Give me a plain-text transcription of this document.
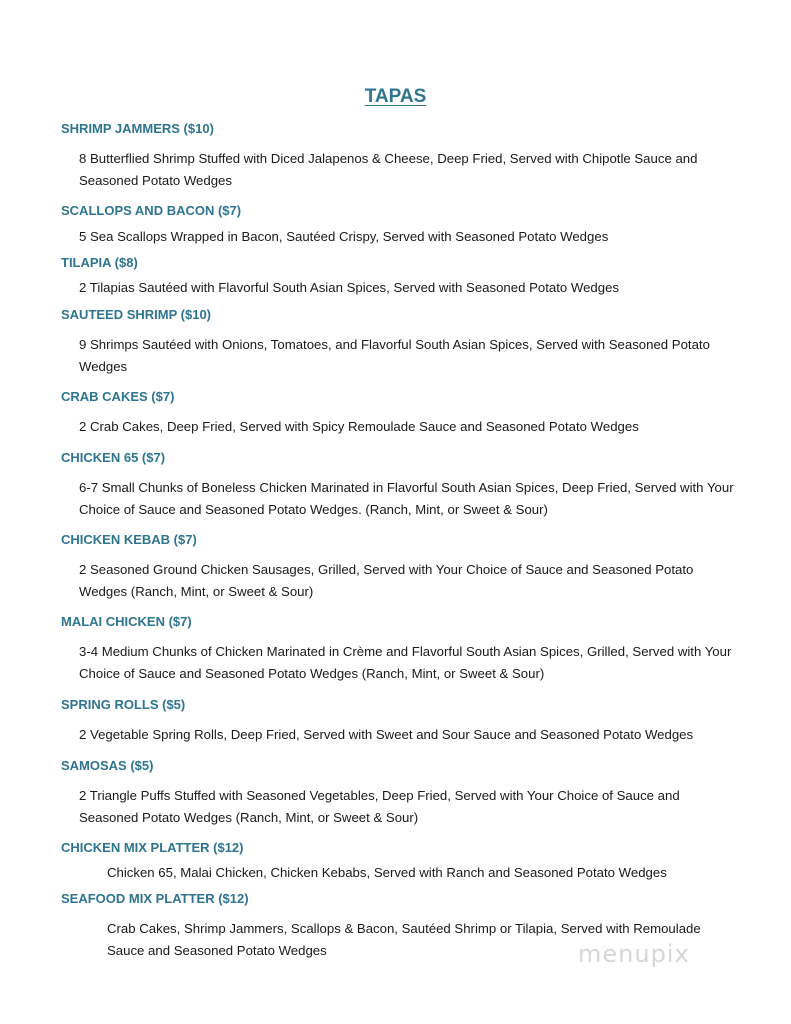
TAPAS
SHRIMP JAMMERS ($10)
8 Butterflied Shrimp Stuffed with Diced Jalapenos & Cheese, Deep Fried, Served with Chipotle Sauce and Seasoned Potato Wedges
SCALLOPS AND BACON ($7)
5 Sea Scallops Wrapped in Bacon, Sautéed Crispy, Served with Seasoned Potato Wedges
TILAPIA ($8)
2 Tilapias Sautéed with Flavorful South Asian Spices, Served with Seasoned Potato Wedges
SAUTEED SHRIMP ($10)
9 Shrimps Sautéed with Onions, Tomatoes, and Flavorful South Asian Spices, Served with Seasoned Potato Wedges
CRAB CAKES ($7)
2 Crab Cakes, Deep Fried, Served with Spicy Remoulade Sauce and Seasoned Potato Wedges
CHICKEN 65 ($7)
6-7 Small Chunks of Boneless Chicken Marinated in Flavorful South Asian Spices, Deep Fried, Served with Your Choice of Sauce and Seasoned Potato Wedges. (Ranch, Mint, or Sweet & Sour)
CHICKEN KEBAB ($7)
2 Seasoned Ground Chicken Sausages, Grilled, Served with Your Choice of Sauce and Seasoned Potato Wedges (Ranch, Mint, or Sweet & Sour)
MALAI CHICKEN ($7)
3-4 Medium Chunks of Chicken Marinated in Crème and Flavorful South Asian Spices, Grilled, Served with Your Choice of Sauce and Seasoned Potato Wedges (Ranch, Mint, or Sweet & Sour)
SPRING ROLLS ($5)
2 Vegetable Spring Rolls, Deep Fried, Served with Sweet and Sour Sauce and Seasoned Potato Wedges
SAMOSAS ($5)
2 Triangle Puffs Stuffed with Seasoned Vegetables, Deep Fried, Served with Your Choice of Sauce and Seasoned Potato Wedges (Ranch, Mint, or Sweet & Sour)
CHICKEN MIX PLATTER ($12)
Chicken 65, Malai Chicken, Chicken Kebabs, Served with Ranch and Seasoned Potato Wedges
SEAFOOD MIX PLATTER ($12)
Crab Cakes, Shrimp Jammers, Scallops & Bacon, Sautéed Shrimp or Tilapia, Served with Remoulade Sauce and Seasoned Potato Wedges	menupix
